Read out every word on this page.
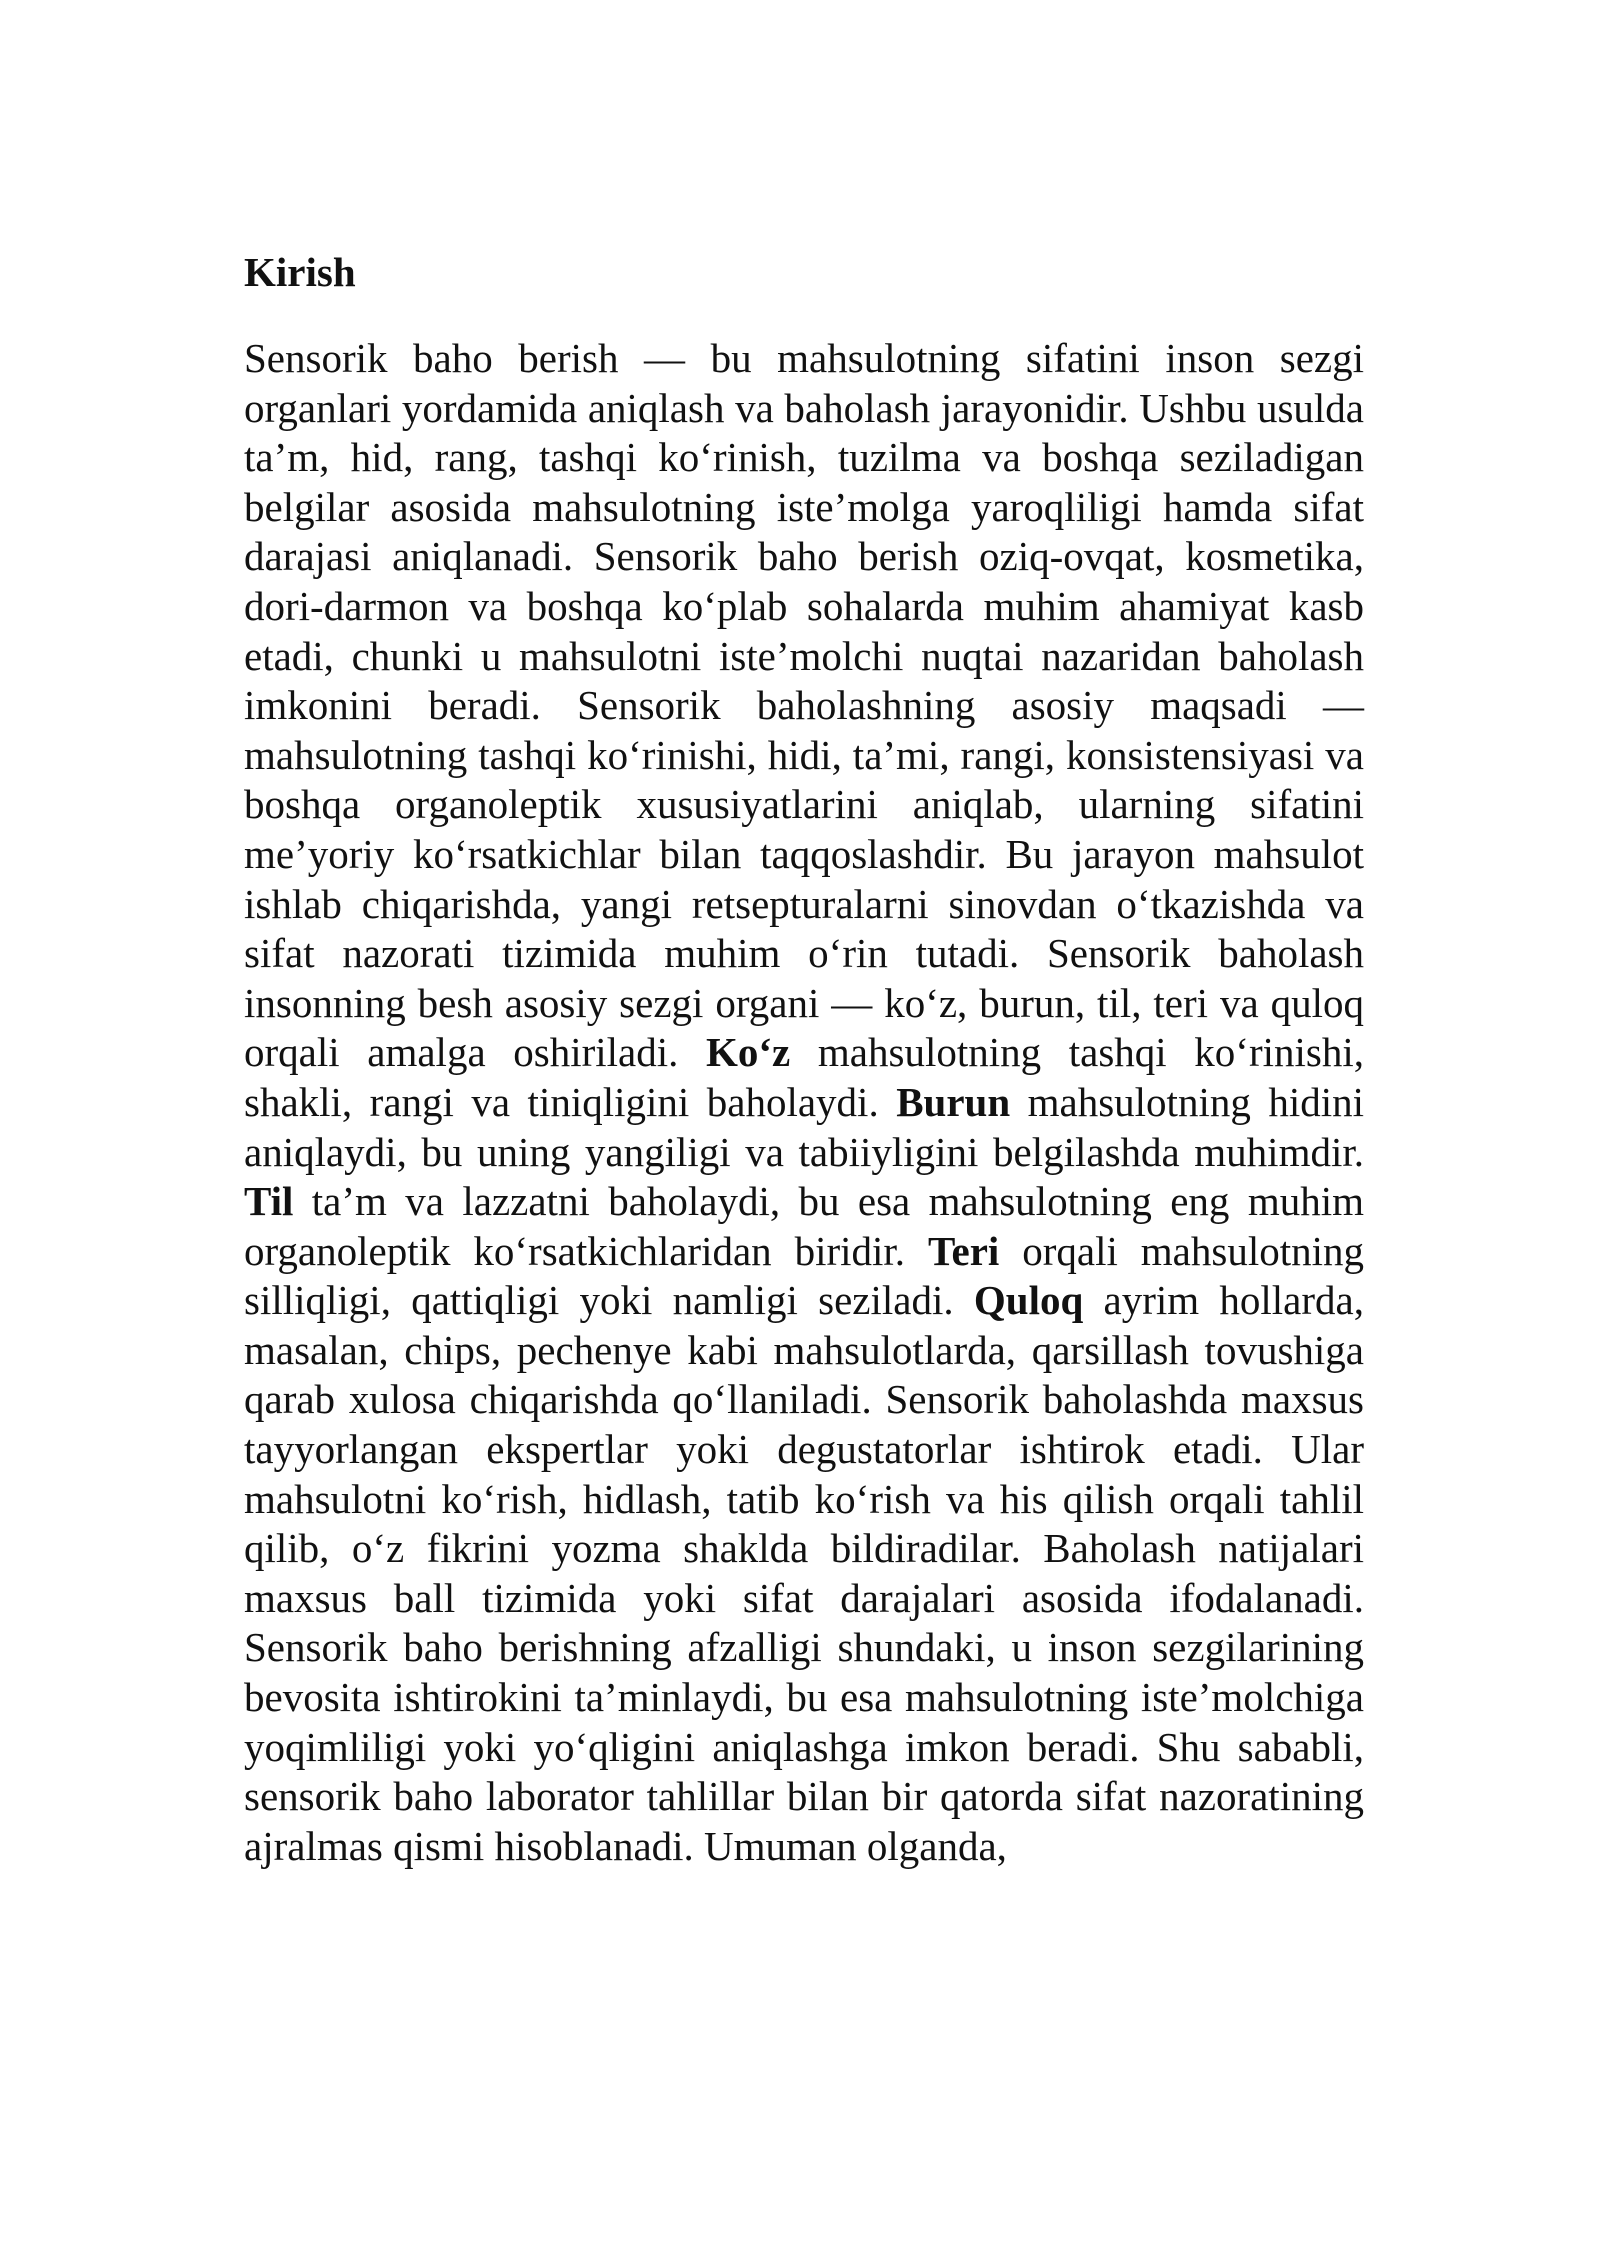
Kirish

Sensorik baho berish — bu mahsulotning sifatini inson sezgi organlari yordamida aniqlash va baholash jarayonidir. Ushbu usulda ta’m, hid, rang, tashqi ko‘rinish, tuzilma va boshqa seziladigan belgilar asosida mahsulotning iste’molga yaroqliligi hamda sifat darajasi aniqlanadi. Sensorik baho berish oziq-ovqat, kosmetika, dori-darmon va boshqa ko‘plab sohalarda muhim ahamiyat kasb etadi, chunki u mahsulotni iste’molchi nuqtai nazaridan baholash imkonini beradi. Sensorik baholashning asosiy maqsadi — mahsulotning tashqi ko‘rinishi, hidi, ta’mi, rangi, konsistensiyasi va boshqa organoleptik xususiyatlarini aniqlab, ularning sifatini me’yoriy ko‘rsatkichlar bilan taqqoslashdir. Bu jarayon mahsulot ishlab chiqarishda, yangi retsepturalarni sinovdan o‘tkazishda va sifat nazorati tizimida muhim o‘rin tutadi. Sensorik baholash insonning besh asosiy sezgi organi — ko‘z, burun, til, teri va quloq orqali amalga oshiriladi. Ko‘z mahsulotning tashqi ko‘rinishi, shakli, rangi va tiniqligini baholaydi. Burun mahsulotning hidini aniqlaydi, bu uning yangiligi va tabiiyligini belgilashda muhimdir. Til ta’m va lazzatni baholaydi, bu esa mahsulotning eng muhim organoleptik ko‘rsatkichlaridan biridir. Teri orqali mahsulotning silliqligi, qattiqligi yoki namligi seziladi. Quloq ayrim hollarda, masalan, chips, pechenye kabi mahsulotlarda, qarsillash tovushiga qarab xulosa chiqarishda qo‘llaniladi. Sensorik baholashda maxsus tayyorlangan ekspertlar yoki degustatorlar ishtirok etadi. Ular mahsulotni ko‘rish, hidlash, tatib ko‘rish va his qilish orqali tahlil qilib, o‘z fikrini yozma shaklda bildiradilar. Baholash natijalari maxsus ball tizimida yoki sifat darajalari asosida ifodalanadi. Sensorik baho berishning afzalligi shundaki, u inson sezgilarining bevosita ishtirokini ta’minlaydi, bu esa mahsulotning iste’molchiga yoqimliligi yoki yo‘qligini aniqlashga imkon beradi. Shu sababli, sensorik baho laborator tahlillar bilan bir qatorda sifat nazoratining ajralmas qismi hisoblanadi. Umuman olganda,
